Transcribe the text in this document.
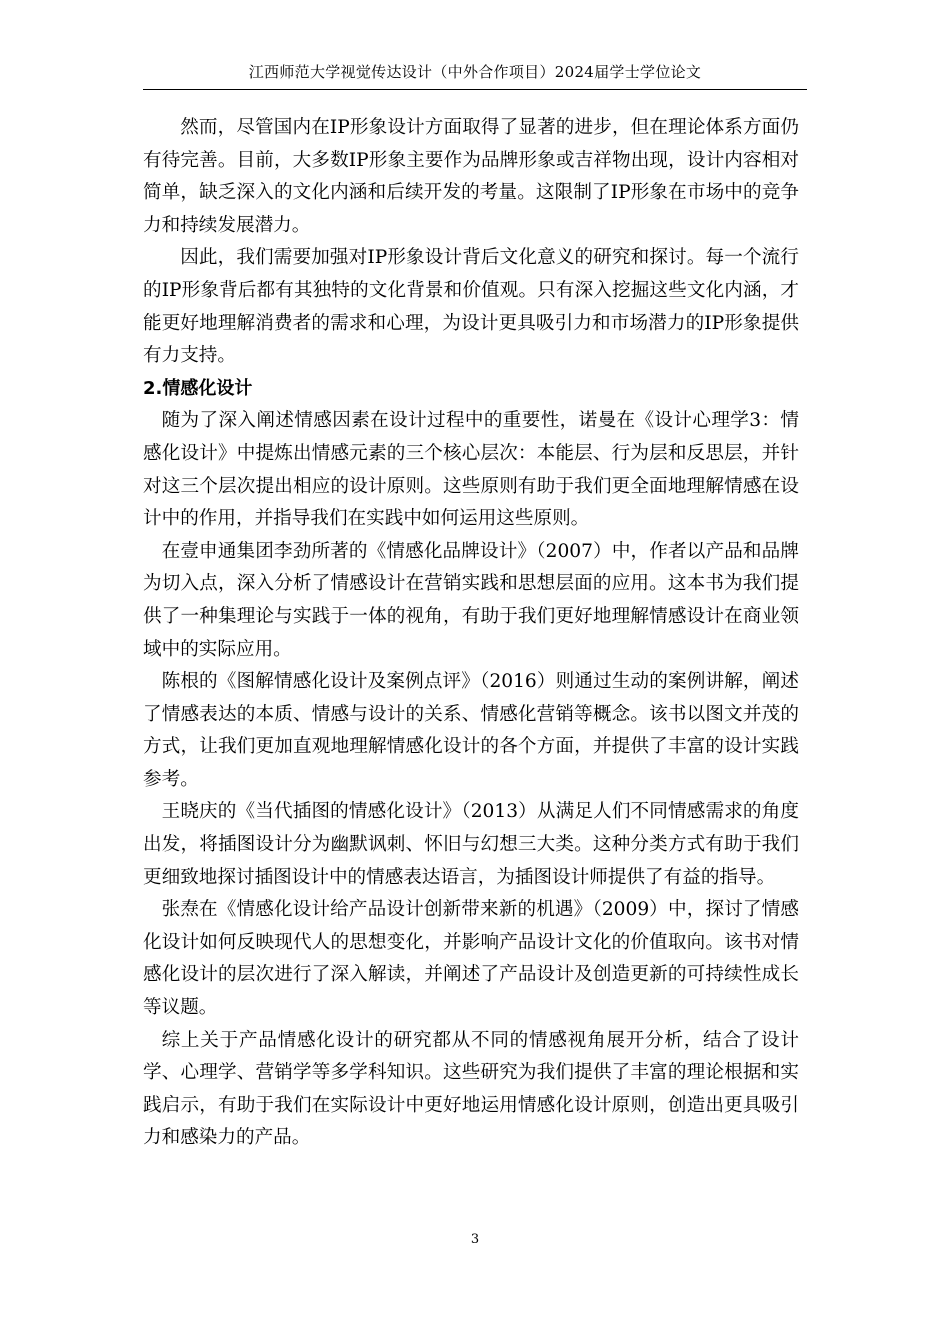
江西师范大学视觉传达设计（中外合作项目）2024届学士学位论文

然而，尽管国内在IP形象设计方面取得了显著的进步，但在理论体系方面仍有待完善。目前，大多数IP形象主要作为品牌形象或吉祥物出现，设计内容相对简单，缺乏深入的文化内涵和后续开发的考量。这限制了IP形象在市场中的竞争力和持续发展潜力。

因此，我们需要加强对IP形象设计背后文化意义的研究和探讨。每一个流行的IP形象背后都有其独特的文化背景和价值观。只有深入挖掘这些文化内涵，才能更好地理解消费者的需求和心理，为设计更具吸引力和市场潜力的IP形象提供有力支持。

2.情感化设计

随为了深入阐述情感因素在设计过程中的重要性，诺曼在《设计心理学3：情感化设计》中提炼出情感元素的三个核心层次：本能层、行为层和反思层，并针对这三个层次提出相应的设计原则。这些原则有助于我们更全面地理解情感在设计中的作用，并指导我们在实践中如何运用这些原则。

在壹申通集团李劲所著的《情感化品牌设计》（2007）中，作者以产品和品牌为切入点，深入分析了情感设计在营销实践和思想层面的应用。这本书为我们提供了一种集理论与实践于一体的视角，有助于我们更好地理解情感设计在商业领域中的实际应用。

陈根的《图解情感化设计及案例点评》（2016）则通过生动的案例讲解，阐述了情感表达的本质、情感与设计的关系、情感化营销等概念。该书以图文并茂的方式，让我们更加直观地理解情感化设计的各个方面，并提供了丰富的设计实践参考。

王晓庆的《当代插图的情感化设计》（2013）从满足人们不同情感需求的角度出发，将插图设计分为幽默讽刺、怀旧与幻想三大类。这种分类方式有助于我们更细致地探讨插图设计中的情感表达语言，为插图设计师提供了有益的指导。

张焘在《情感化设计给产品设计创新带来新的机遇》（2009）中，探讨了情感化设计如何反映现代人的思想变化，并影响产品设计文化的价值取向。该书对情感化设计的层次进行了深入解读，并阐述了产品设计及创造更新的可持续性成长等议题。

综上关于产品情感化设计的研究都从不同的情感视角展开分析，结合了设计学、心理学、营销学等多学科知识。这些研究为我们提供了丰富的理论根据和实践启示，有助于我们在实际设计中更好地运用情感化设计原则，创造出更具吸引力和感染力的产品。

3
